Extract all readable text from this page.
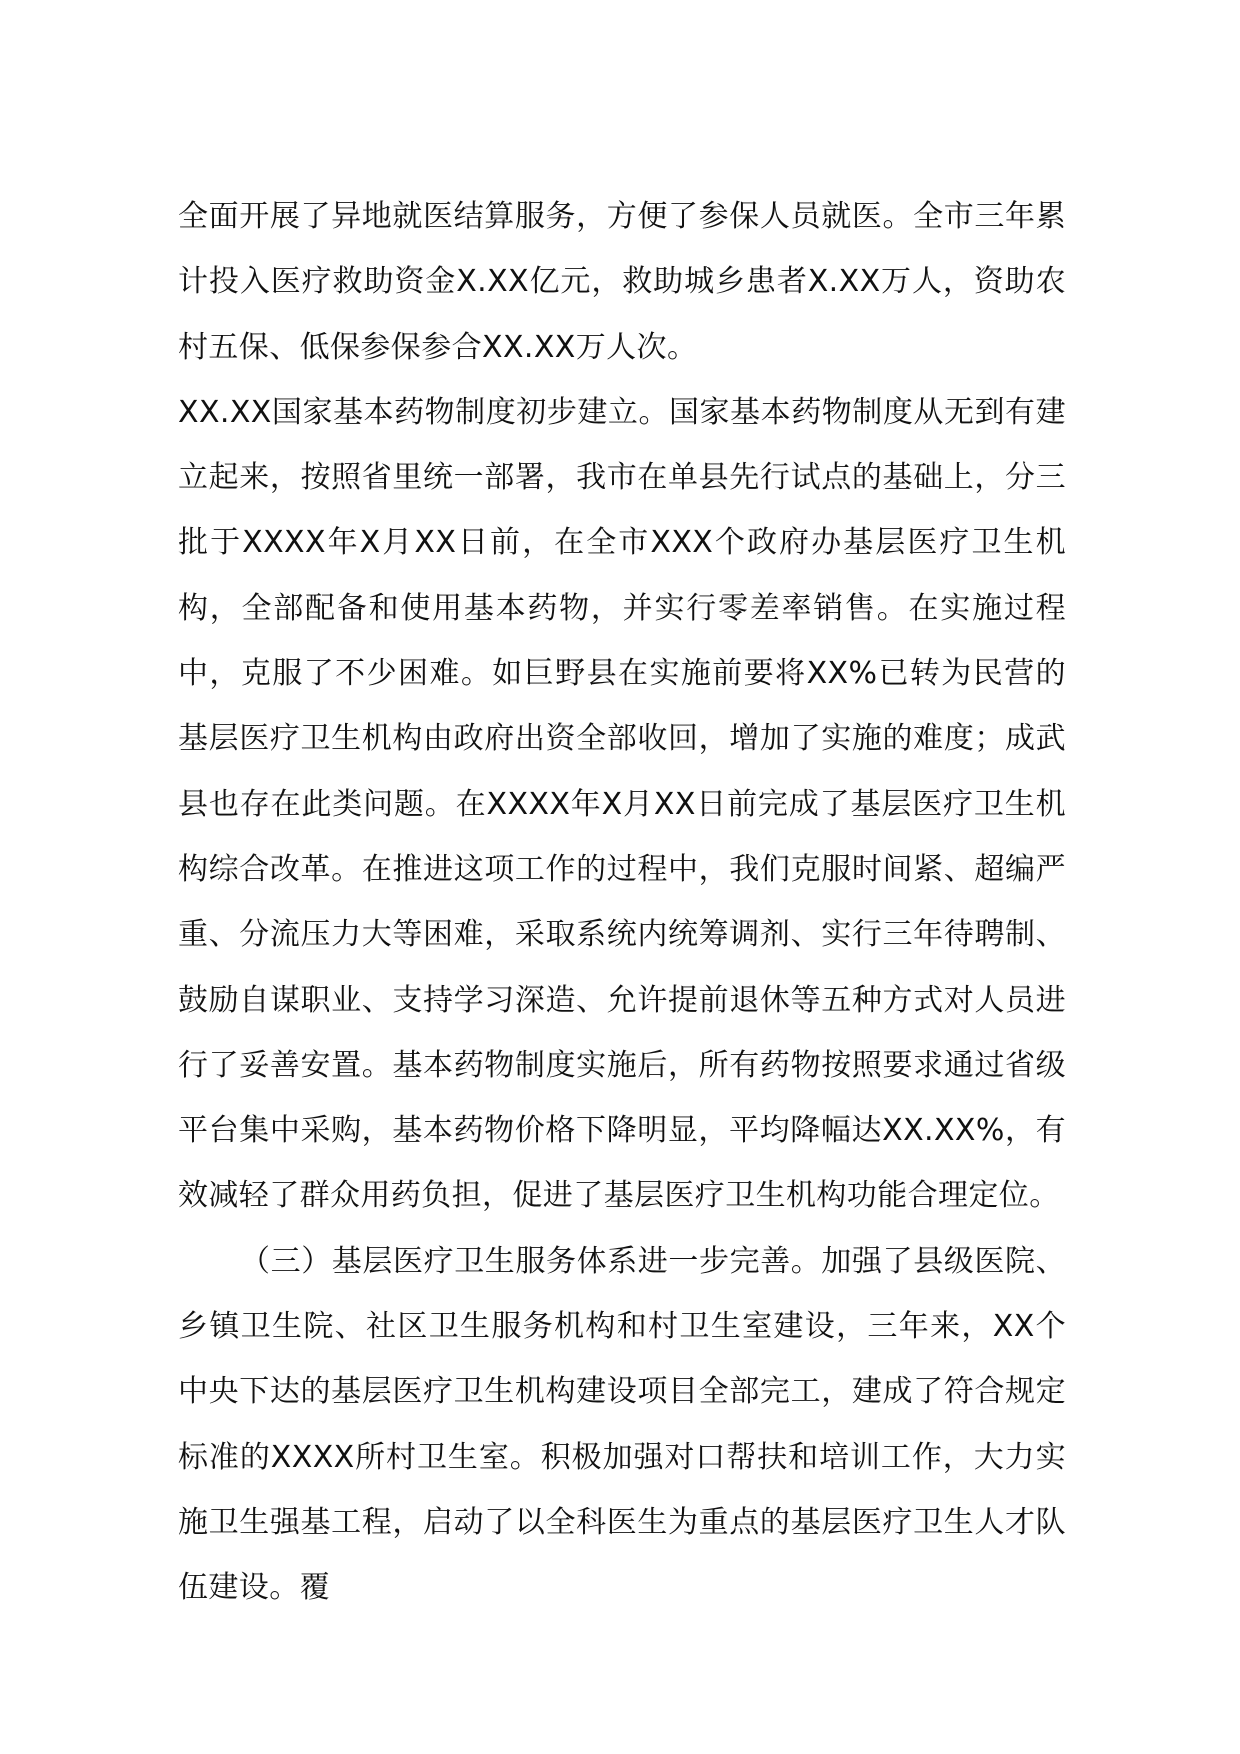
全面开展了异地就医结算服务，方便了参保人员就医。全市三年累计投入医疗救助资金X.XX亿元，救助城乡患者X.XX万人，资助农村五保、低保参保参合XX.XX万人次。

XX.XX国家基本药物制度初步建立。国家基本药物制度从无到有建立起来，按照省里统一部署，我市在单县先行试点的基础上，分三批于XXXX年X月XX日前，在全市XXX个政府办基层医疗卫生机构，全部配备和使用基本药物，并实行零差率销售。在实施过程中，克服了不少困难。如巨野县在实施前要将XX%已转为民营的基层医疗卫生机构由政府出资全部收回，增加了实施的难度；成武县也存在此类问题。在XXXX年X月XX日前完成了基层医疗卫生机构综合改革。在推进这项工作的过程中，我们克服时间紧、超编严重、分流压力大等困难，采取系统内统筹调剂、实行三年待聘制、鼓励自谋职业、支持学习深造、允许提前退休等五种方式对人员进行了妥善安置。基本药物制度实施后，所有药物按照要求通过省级平台集中采购，基本药物价格下降明显，平均降幅达XX.XX%，有效减轻了群众用药负担，促进了基层医疗卫生机构功能合理定位。

（三）基层医疗卫生服务体系进一步完善。加强了县级医院、乡镇卫生院、社区卫生服务机构和村卫生室建设，三年来，XX个中央下达的基层医疗卫生机构建设项目全部完工，建成了符合规定标准的XXXX所村卫生室。积极加强对口帮扶和培训工作，大力实施卫生强基工程，启动了以全科医生为重点的基层医疗卫生人才队伍建设。覆
